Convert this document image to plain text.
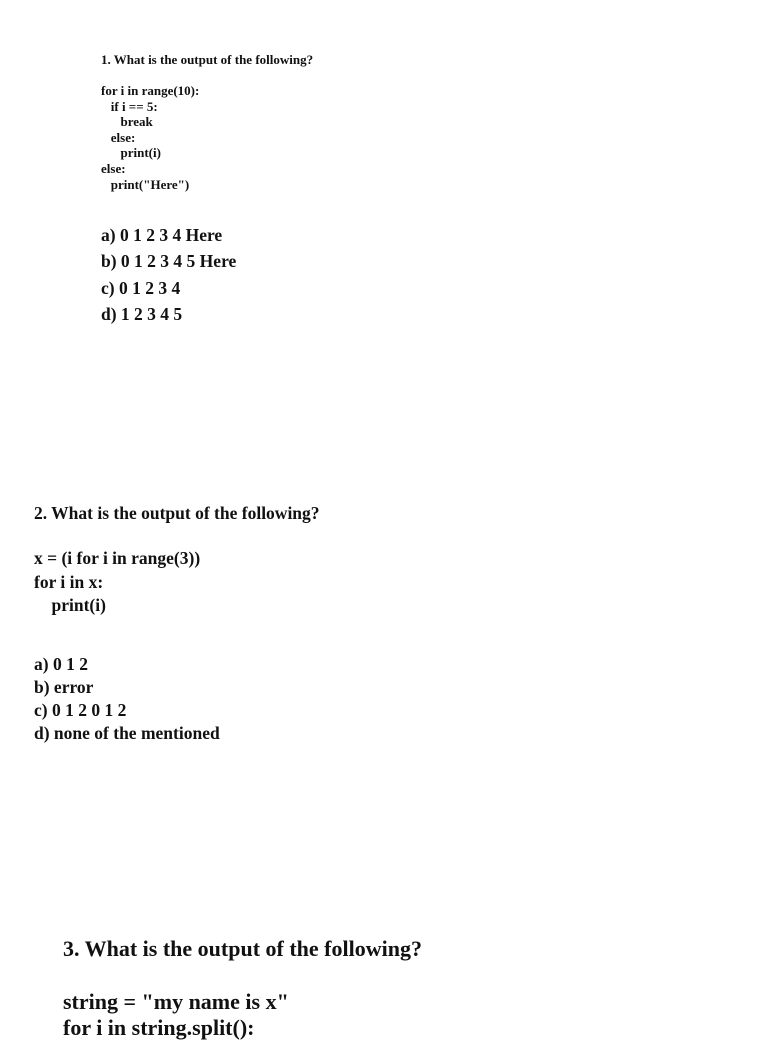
1. What is the output of the following?
for i in range(10):
if i == 5:
break
else:
print(i)
else:
print("Here")
a) 0 1 2 3 4 Here
b) 0 1 2 3 4 5 Here
c) 0 1 2 3 4
d) 1 2 3 4 5
2. What is the output of the following?
x = (i for i in range(3))
for i in x:
print(i)
a) 0 1 2
b) error
c) 0 1 2 0 1 2
d) none of the mentioned
3. What is the output of the following?
string = "my name is x"
for i in string.split():
